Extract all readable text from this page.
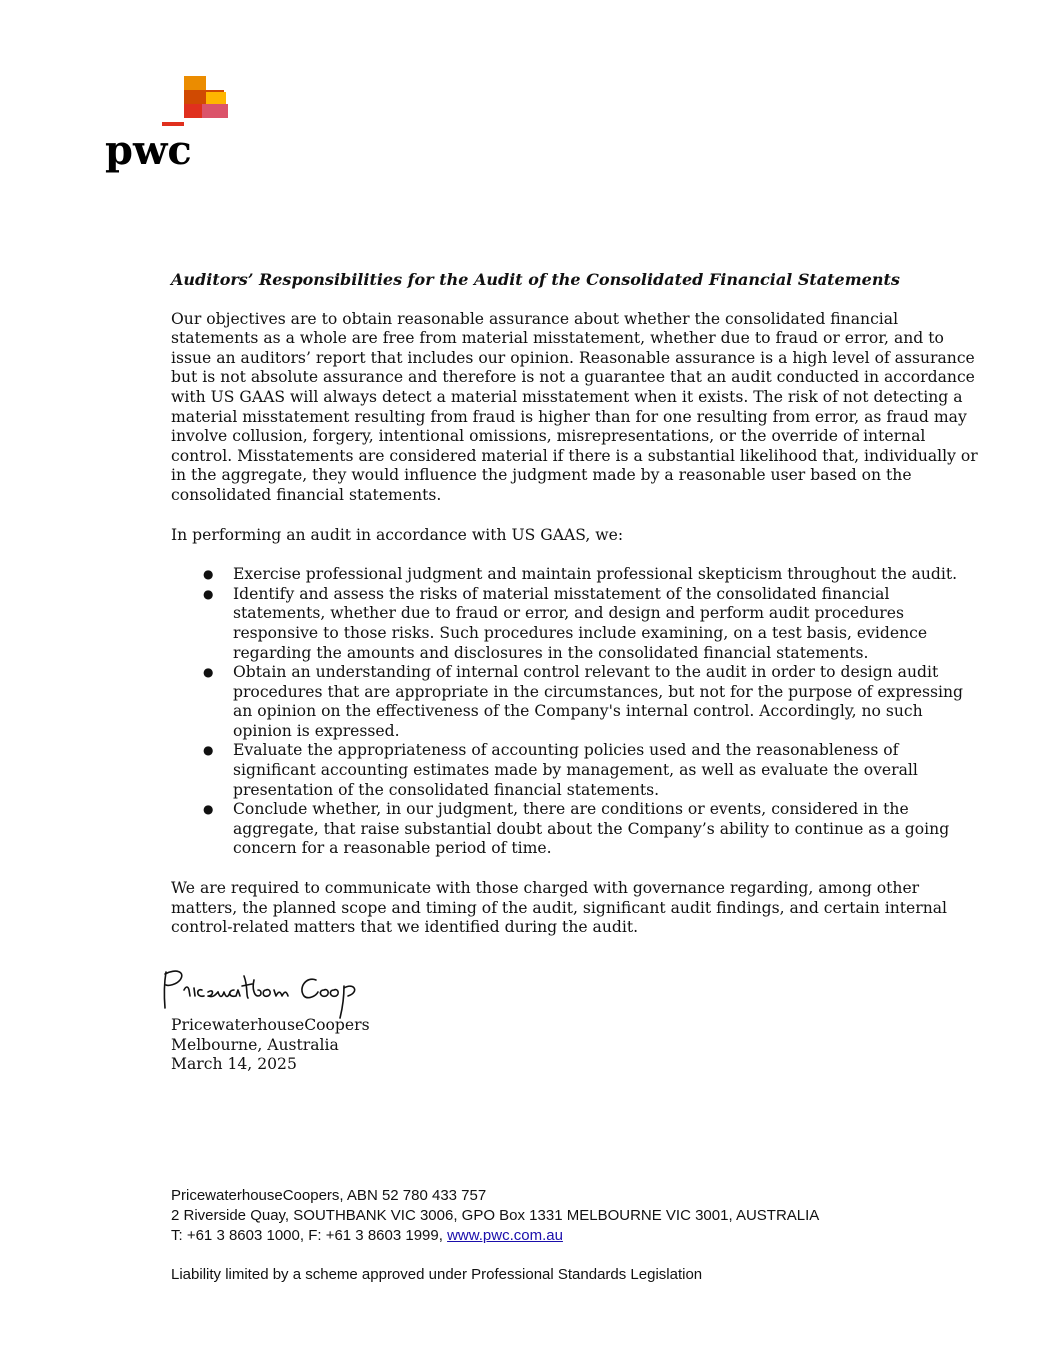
pwc

Auditors’ Responsibilities for the Audit of the Consolidated Financial Statements

Our objectives are to obtain reasonable assurance about whether the consolidated financial statements as a whole are free from material misstatement, whether due to fraud or error, and to issue an auditors’ report that includes our opinion. Reasonable assurance is a high level of assurance but is not absolute assurance and therefore is not a guarantee that an audit conducted in accordance with US GAAS will always detect a material misstatement when it exists. The risk of not detecting a material misstatement resulting from fraud is higher than for one resulting from error, as fraud may involve collusion, forgery, intentional omissions, misrepresentations, or the override of internal control. Misstatements are considered material if there is a substantial likelihood that, individually or in the aggregate, they would influence the judgment made by a reasonable user based on the consolidated financial statements.

In performing an audit in accordance with US GAAS, we:

● Exercise professional judgment and maintain professional skepticism throughout the audit.
● Identify and assess the risks of material misstatement of the consolidated financial statements, whether due to fraud or error, and design and perform audit procedures responsive to those risks. Such procedures include examining, on a test basis, evidence regarding the amounts and disclosures in the consolidated financial statements.
● Obtain an understanding of internal control relevant to the audit in order to design audit procedures that are appropriate in the circumstances, but not for the purpose of expressing an opinion on the effectiveness of the Company's internal control. Accordingly, no such opinion is expressed.
● Evaluate the appropriateness of accounting policies used and the reasonableness of significant accounting estimates made by management, as well as evaluate the overall presentation of the consolidated financial statements.
● Conclude whether, in our judgment, there are conditions or events, considered in the aggregate, that raise substantial doubt about the Company’s ability to continue as a going concern for a reasonable period of time.

We are required to communicate with those charged with governance regarding, among other matters, the planned scope and timing of the audit, significant audit findings, and certain internal control-related matters that we identified during the audit.

PricewaterhouseCoopers
Melbourne, Australia
March 14, 2025
PricewaterhouseCoopers, ABN 52 780 433 757
2 Riverside Quay, SOUTHBANK VIC 3006, GPO Box 1331 MELBOURNE VIC 3001, AUSTRALIA
T: +61 3 8603 1000, F: +61 3 8603 1999, www.pwc.com.au
Liability limited by a scheme approved under Professional Standards Legislation
